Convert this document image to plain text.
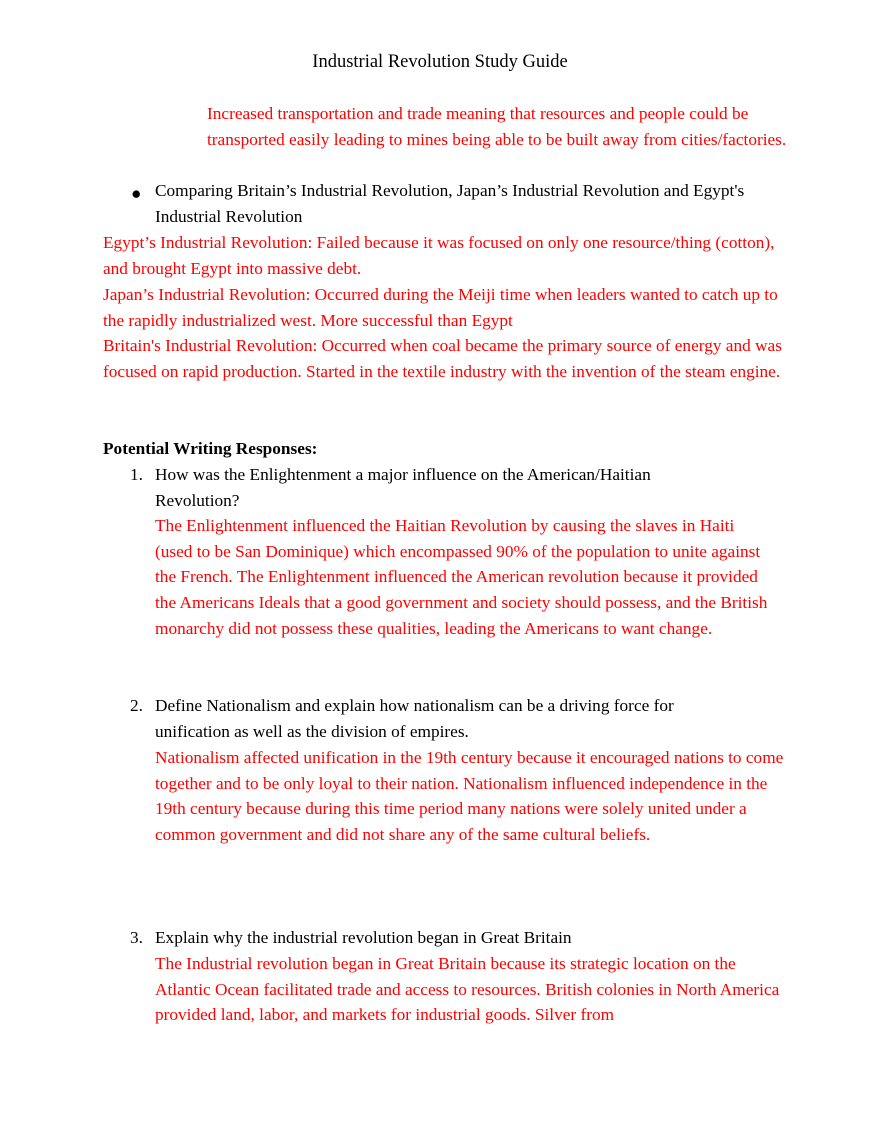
Industrial Revolution Study Guide
Increased transportation and trade meaning that resources and people could be transported easily leading to mines being able to be built away from cities/factories.
● Comparing Britain’s Industrial Revolution, Japan’s Industrial Revolution and Egypt's Industrial Revolution
Egypt’s Industrial Revolution: Failed because it was focused on only one resource/thing (cotton), and brought Egypt into massive debt.
Japan’s Industrial Revolution: Occurred during the Meiji time when leaders wanted to catch up to the rapidly industrialized west. More successful than Egypt
Britain's Industrial Revolution: Occurred when coal became the primary source of energy and was focused on rapid production. Started in the textile industry with the invention of the steam engine.
Potential Writing Responses:
1. How was the Enlightenment a major influence on the American/Haitian Revolution?
The Enlightenment influenced the Haitian Revolution by causing the slaves in Haiti (used to be San Dominique) which encompassed 90% of the population to unite against the French. The Enlightenment influenced the American revolution because it provided the Americans Ideals that a good government and society should possess, and the British monarchy did not possess these qualities, leading the Americans to want change.
2. Define Nationalism and explain how nationalism can be a driving force for unification as well as the division of empires.
Nationalism affected unification in the 19th century because it encouraged nations to come together and to be only loyal to their nation. Nationalism influenced independence in the 19th century because during this time period many nations were solely united under a common government and did not share any of the same cultural beliefs.
3. Explain why the industrial revolution began in Great Britain
The Industrial revolution began in Great Britain because its strategic location on the Atlantic Ocean facilitated trade and access to resources. British colonies in North America provided land, labor, and markets for industrial goods. Silver from
